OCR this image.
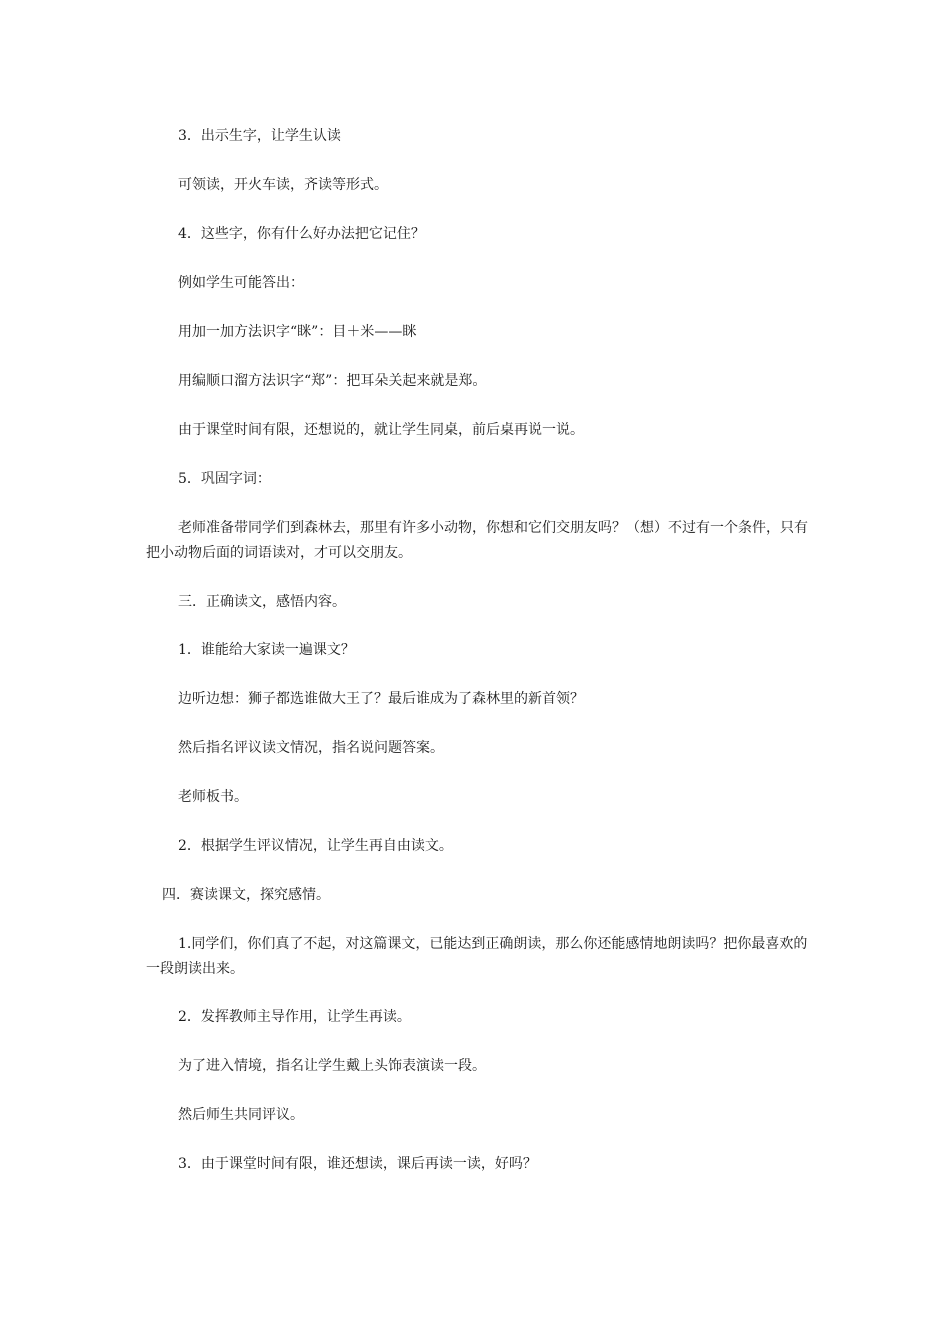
3．出示生字，让学生认读

可领读，开火车读，齐读等形式。

4．这些字，你有什么好办法把它记住？

例如学生可能答出：

用加一加方法识字“眯”：目＋米——眯

用编顺口溜方法识字“郑”：把耳朵关起来就是郑。

由于课堂时间有限，还想说的，就让学生同桌，前后桌再说一说。

5．巩固字词：

老师准备带同学们到森林去，那里有许多小动物，你想和它们交朋友吗？（想）不过有一个条件，只有把小动物后面的词语读对，才可以交朋友。

三．正确读文，感悟内容。

1．谁能给大家读一遍课文？

边听边想：狮子都选谁做大王了？最后谁成为了森林里的新首领？

然后指名评议读文情况，指名说问题答案。

老师板书。

2．根据学生评议情况，让学生再自由读文。

四．赛读课文，探究感情。

1.同学们，你们真了不起，对这篇课文，已能达到正确朗读，那么你还能感情地朗读吗？把你最喜欢的一段朗读出来。

2．发挥教师主导作用，让学生再读。

为了进入情境，指名让学生戴上头饰表演读一段。

然后师生共同评议。

3．由于课堂时间有限，谁还想读，课后再读一读，好吗？
